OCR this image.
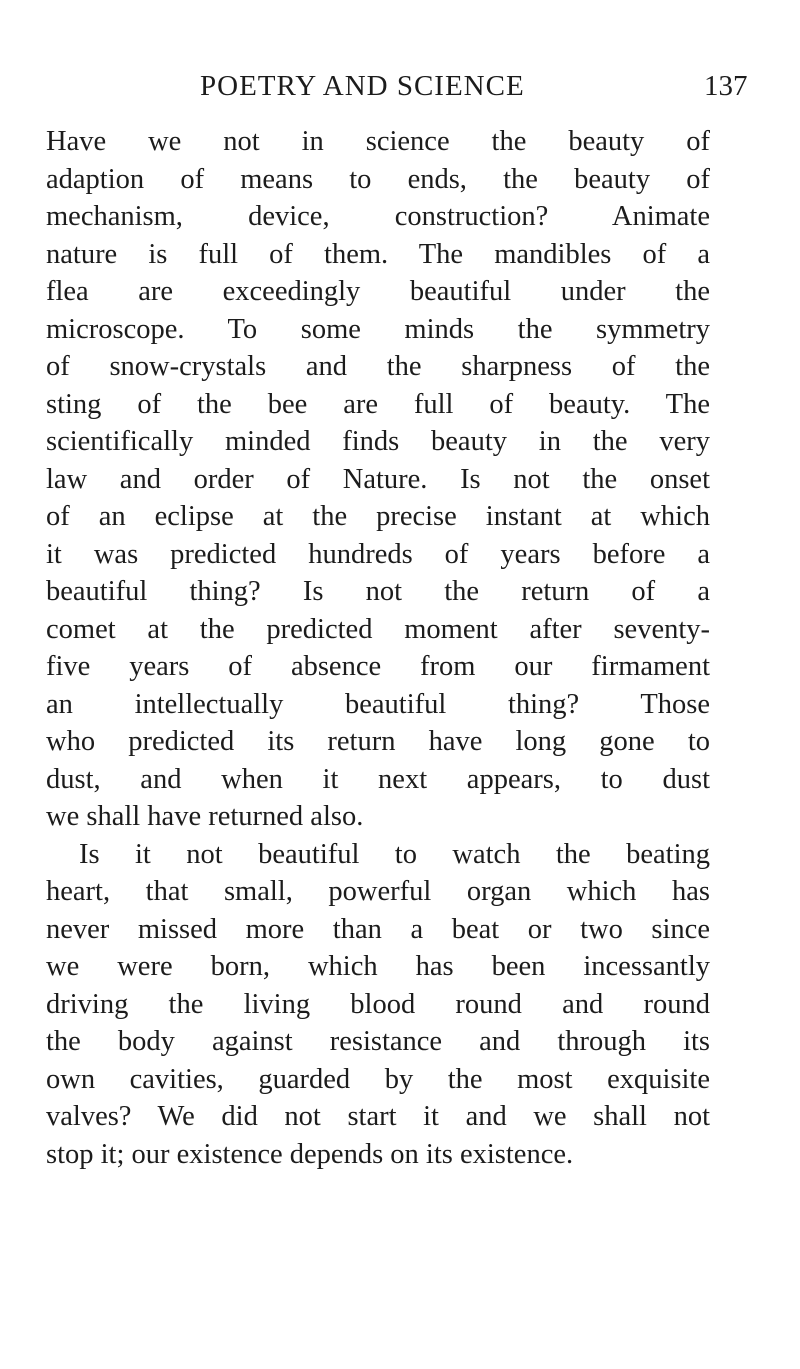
POETRY AND SCIENCE	137
Have we not in science the beauty of
adaption of means to ends, the beauty of
mechanism, device, construction? Animate
nature is full of them. The mandibles of a
flea are exceedingly beautiful under the
microscope. To some minds the symmetry
of snow-crystals and the sharpness of the
sting of the bee are full of beauty. The
scientifically minded finds beauty in the very
law and order of Nature. Is not the onset
of an eclipse at the precise instant at which
it was predicted hundreds of years before a
beautiful thing? Is not the return of a
comet at the predicted moment after seventy-
five years of absence from our firmament
an intellectually beautiful thing? Those
who predicted its return have long gone to
dust, and when it next appears, to dust
we shall have returned also.
Is it not beautiful to watch the beating
heart, that small, powerful organ which has
never missed more than a beat or two since
we were born, which has been incessantly
driving the living blood round and round
the body against resistance and through its
own cavities, guarded by the most exquisite
valves? We did not start it and we shall not
stop it; our existence depends on its existence.
